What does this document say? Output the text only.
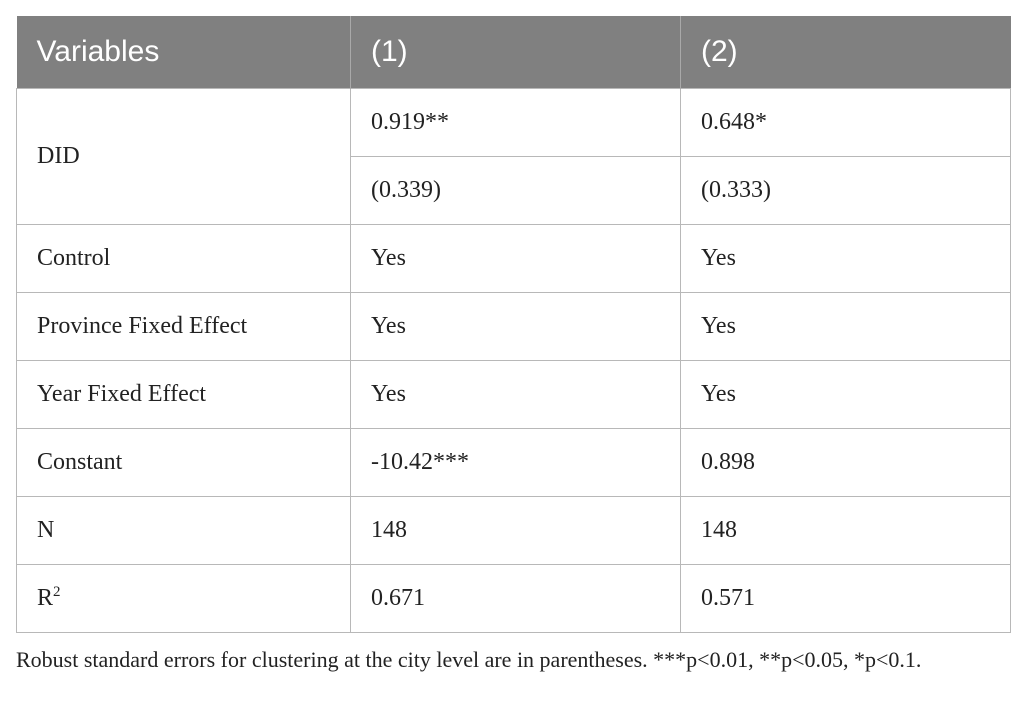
Variables	(1)	(2)
DID	0.919**	0.648*
	(0.339)	(0.333)
Control	Yes	Yes
Province Fixed Effect	Yes	Yes
Year Fixed Effect	Yes	Yes
Constant	-10.42***	0.898
N	148	148
$R^2$	0.671	0.571
Robust standard errors for clustering at the city level are in parentheses. ***p<0.01, **p<0.05, *p<0.1.
